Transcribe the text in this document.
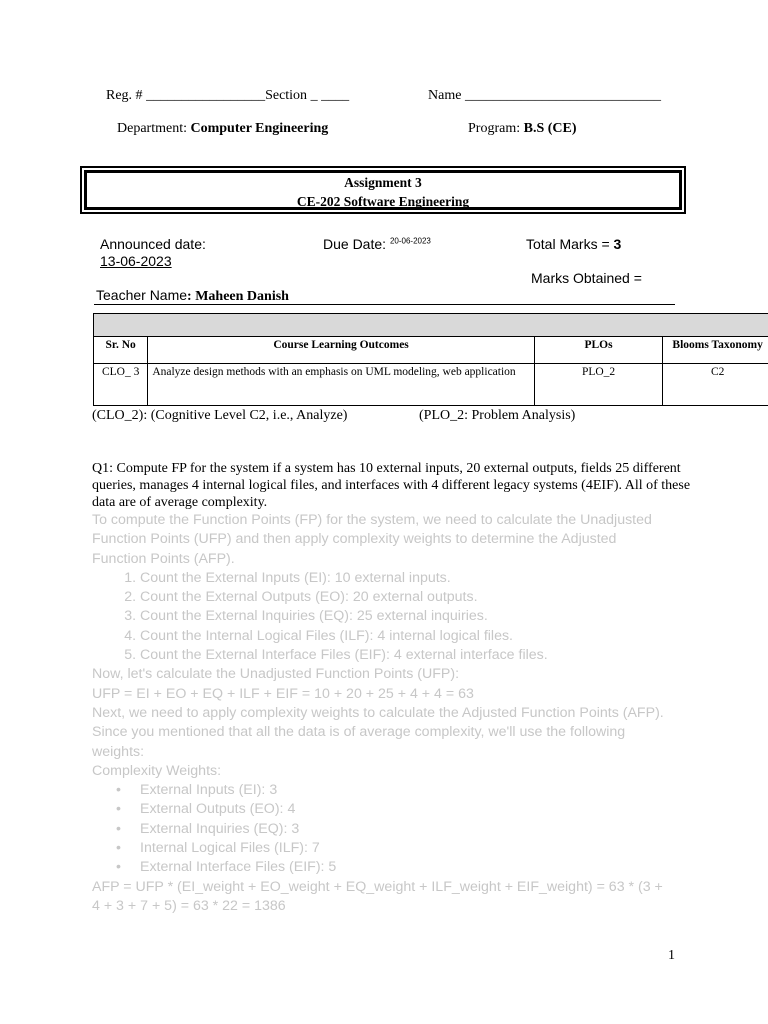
Reg. # _________________Section _ ____	Name ____________________________
Department: Computer Engineering	Program: B.S (CE)
Assignment 3
CE-202 Software Engineering
Announced date:
13-06-2023
Due Date: $^{20-06-2023}$	Total Marks = 3
Marks Obtained =
Teacher Name: Maheen Danish

Sr. No	Course Learning Outcomes	PLOs	Blooms Taxonomy
CLO_ 3	Analyze design methods with an emphasis on UML modeling, web application	PLO_2	C2
(CLO_2): (Cognitive Level C2, i.e., Analyze)	(PLO_2: Problem Analysis)
Q1: Compute FP for the system if a system has 10 external inputs, 20 external outputs, fields 25 different queries, manages 4 internal logical files, and interfaces with 4 different legacy systems (4EIF). All of these data are of average complexity.

To compute the Function Points (FP) for the system, we need to calculate the Unadjusted Function Points (UFP) and then apply complexity weights to determine the Adjusted Function Points (AFP).

1. Count the External Inputs (EI): 10 external inputs.
2. Count the External Outputs (EO): 20 external outputs.
3. Count the External Inquiries (EQ): 25 external inquiries.
4. Count the Internal Logical Files (ILF): 4 internal logical files.
5. Count the External Interface Files (EIF): 4 external interface files.

Now, let's calculate the Unadjusted Function Points (UFP):

UFP = EI + EO + EQ + ILF + EIF = 10 + 20 + 25 + 4 + 4 = 63

Next, we need to apply complexity weights to calculate the Adjusted Function Points (AFP). Since you mentioned that all the data is of average complexity, we'll use the following weights:

Complexity Weights:

• External Inputs (EI): 3
• External Outputs (EO): 4
• External Inquiries (EQ): 3
• Internal Logical Files (ILF): 7
• External Interface Files (EIF): 5

AFP = UFP * (EI_weight + EO_weight + EQ_weight + ILF_weight + EIF_weight) = 63 * (3 + 4 + 3 + 7 + 5) = 63 * 22 = 1386

1
